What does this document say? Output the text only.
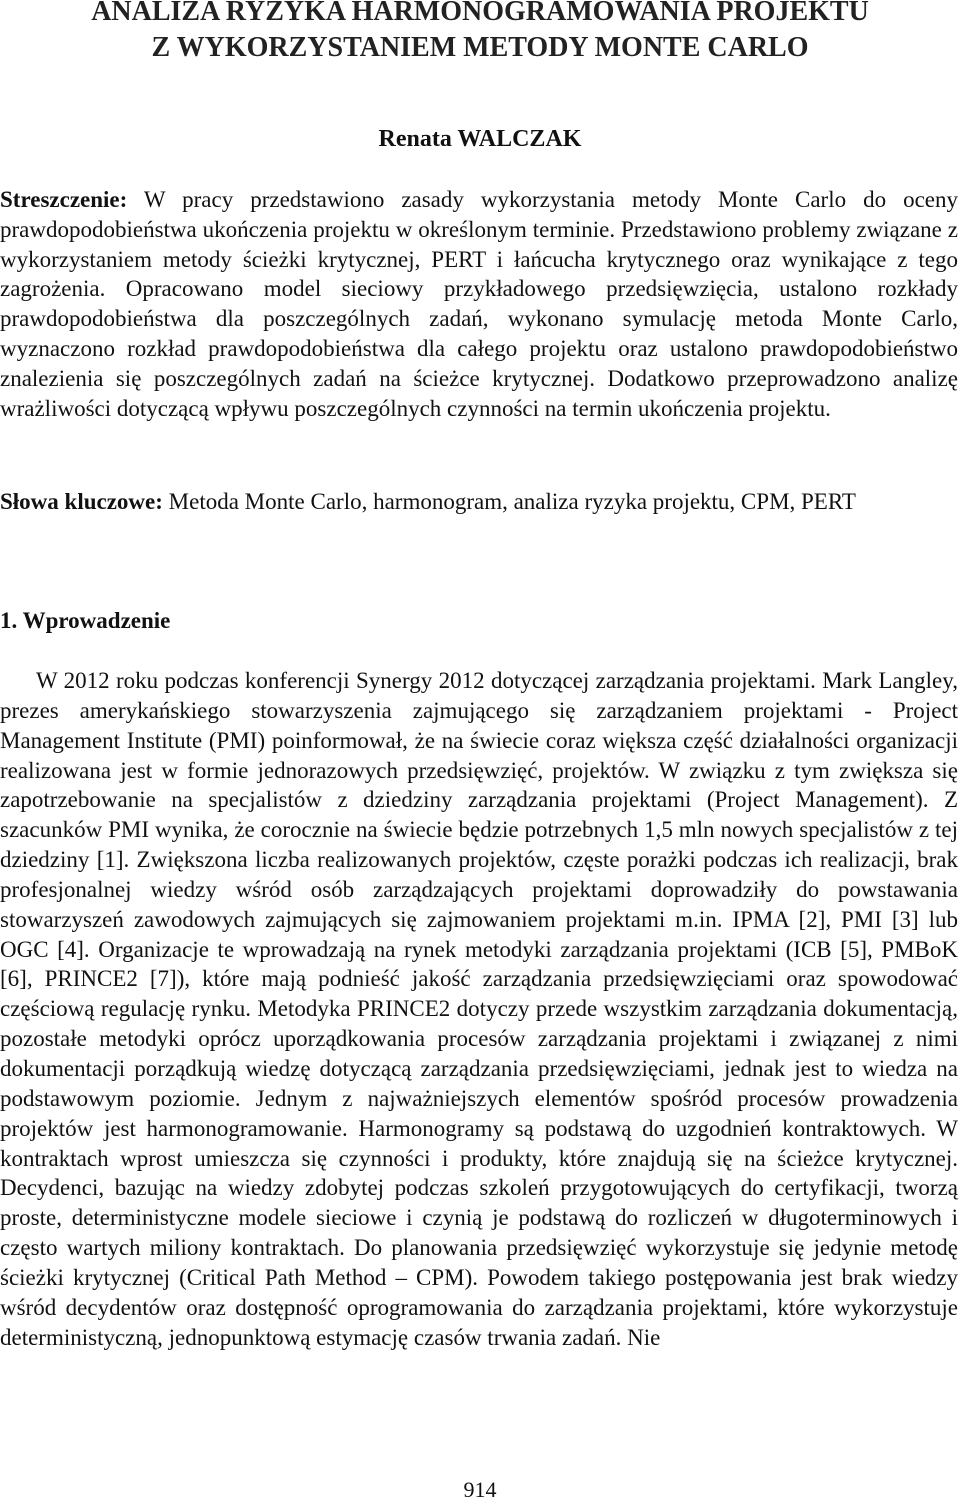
ANALIZA RYZYKA HARMONOGRAMOWANIA PROJEKTU
Z WYKORZYSTANIEM METODY MONTE CARLO
Renata WALCZAK

Streszczenie: W pracy przedstawiono zasady wykorzystania metody Monte Carlo do oceny prawdopodobieństwa ukończenia projektu w określonym terminie. Przedstawiono problemy związane z wykorzystaniem metody ścieżki krytycznej, PERT i łańcucha krytycznego oraz wynikające z tego zagrożenia. Opracowano model sieciowy przykładowego przedsięwzięcia, ustalono rozkłady prawdopodobieństwa dla poszczególnych zadań, wykonano symulację metoda Monte Carlo, wyznaczono rozkład prawdopodobieństwa dla całego projektu oraz ustalono prawdopodobieństwo znalezienia się poszczególnych zadań na ścieżce krytycznej. Dodatkowo przeprowadzono analizę wrażliwości dotyczącą wpływu poszczególnych czynności na termin ukończenia projektu.

Słowa kluczowe: Metoda Monte Carlo, harmonogram, analiza ryzyka projektu, CPM, PERT

1. Wprowadzenie

W 2012 roku podczas konferencji Synergy 2012 dotyczącej zarządzania projektami. Mark Langley, prezes amerykańskiego stowarzyszenia zajmującego się zarządzaniem projektami - Project Management Institute (PMI) poinformował, że na świecie coraz większa część działalności organizacji realizowana jest w formie jednorazowych przedsięwzięć, projektów. W związku z tym zwiększa się zapotrzebowanie na specjalistów z dziedziny zarządzania projektami (Project Management). Z szacunków PMI wynika, że corocznie na świecie będzie potrzebnych 1,5 mln nowych specjalistów z tej dziedziny [1]. Zwiększona liczba realizowanych projektów, częste porażki podczas ich realizacji, brak profesjonalnej wiedzy wśród osób zarządzających projektami doprowadziły do powstawania stowarzyszeń zawodowych zajmujących się zajmowaniem projektami m.in. IPMA [2], PMI [3] lub OGC [4]. Organizacje te wprowadzają na rynek metodyki zarządzania projektami (ICB [5], PMBoK [6], PRINCE2 [7]), które mają podnieść jakość zarządzania przedsięwzięciami oraz spowodować częściową regulację rynku. Metodyka PRINCE2 dotyczy przede wszystkim zarządzania dokumentacją, pozostałe metodyki oprócz uporządkowania procesów zarządzania projektami i związanej z nimi dokumentacji porządkują wiedzę dotyczącą zarządzania przedsięwzięciami, jednak jest to wiedza na podstawowym poziomie. Jednym z najważniejszych elementów spośród procesów prowadzenia projektów jest harmonogramowanie. Harmonogramy są podstawą do uzgodnień kontraktowych. W kontraktach wprost umieszcza się czynności i produkty, które znajdują się na ścieżce krytycznej. Decydenci, bazując na wiedzy zdobytej podczas szkoleń przygotowujących do certyfikacji, tworzą proste, deterministyczne modele sieciowe i czynią je podstawą do rozliczeń w długoterminowych i często wartych miliony kontraktach. Do planowania przedsięwzięć wykorzystuje się jedynie metodę ścieżki krytycznej (Critical Path Method – CPM). Powodem takiego postępowania jest brak wiedzy wśród decydentów oraz dostępność oprogramowania do zarządzania projektami, które wykorzystuje deterministyczną, jednopunktową estymację czasów trwania zadań. Nie

914
